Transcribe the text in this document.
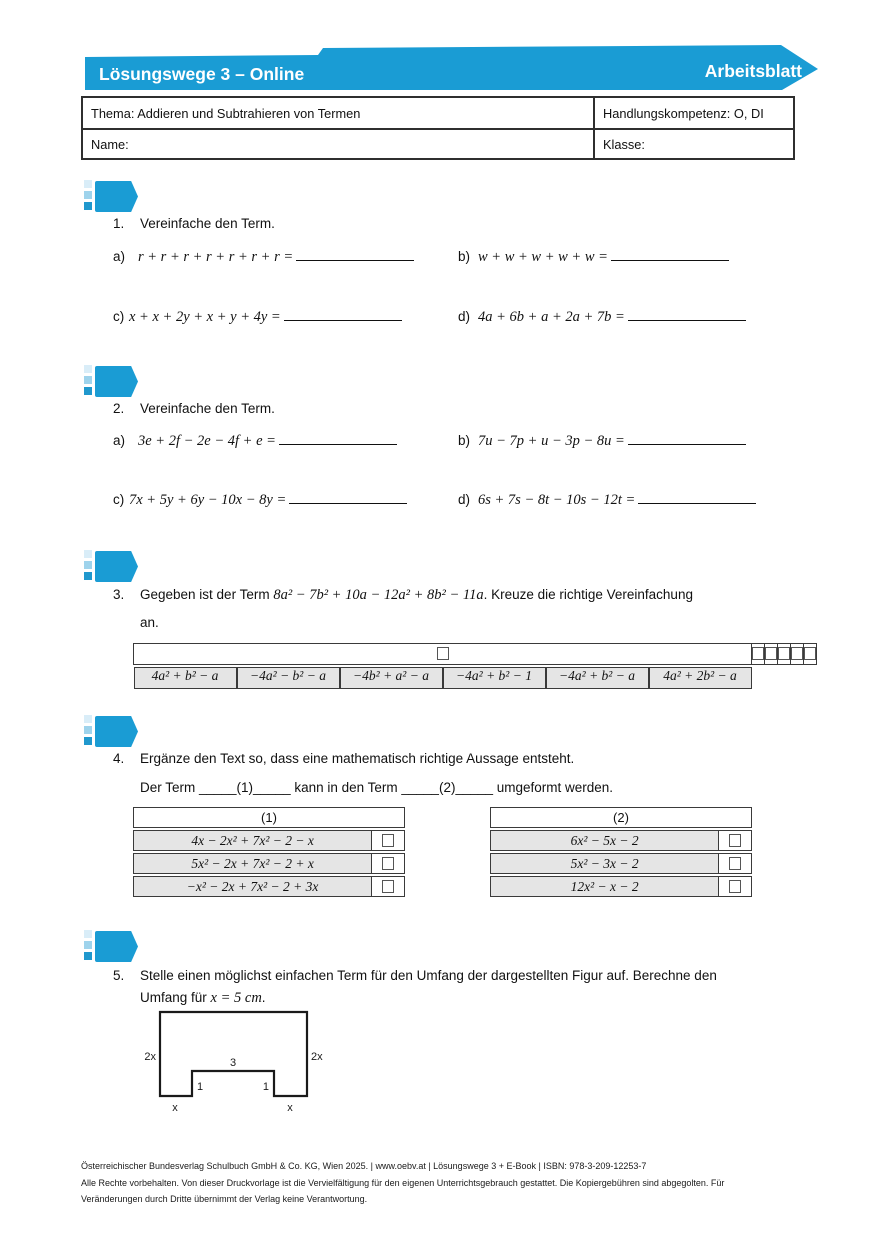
Lösungswege 3 – Online	Arbeitsblatt
Thema: Addieren und Subtrahieren von Termen	Handlungskompetenz: O, DI
Name:	Klasse:
1. Vereinfache den Term.
a) r + r + r + r + r + r + r =	b) w + w + w + w + w =
c) x + x + 2y + x + y + 4y =	d) 4a + 6b + a + 2a + 7b =
2. Vereinfache den Term.
a) 3e + 2f − 2e − 4f + e =	b) 7u − 7p + u − 3p − 8u =
c) 7x + 5y + 6y − 10x − 8y =	d) 6s + 7s − 8t − 10s − 12t =
3. Gegeben ist der Term 8a² − 7b² + 10a − 12a² + 8b² − 11a. Kreuze die richtige Vereinfachung
an.

4a² + b² − a	−4a² − b² − a	−4b² + a² − a	−4a² + b² − 1	−4a² + b² − a	4a² + 2b² − a
4. Ergänze den Text so, dass eine mathematisch richtige Aussage entsteht.
Der Term _____(1)_____ kann in den Term _____(2)_____ umgeformt werden.
(1)
4x − 2x² + 7x² − 2 − x
5x² − 2x + 7x² − 2 + x
−x² − 2x + 7x² − 2 + 3x
(2)
6x² − 5x − 2
5x² − 3x − 2
12x² − x − 2
5. Stelle einen möglichst einfachen Term für den Umfang der dargestellten Figur auf. Berechne den
Umfang für x = 5 cm.
2x	2x
3
1	1
x	x
Österreichischer Bundesverlag Schulbuch GmbH & Co. KG, Wien 2025. | www.oebv.at | Lösungswege 3 + E-Book | ISBN: 978-3-209-12253-7
Alle Rechte vorbehalten. Von dieser Druckvorlage ist die Vervielfältigung für den eigenen Unterrichtsgebrauch gestattet. Die Kopiergebühren sind abgegolten. Für
Veränderungen durch Dritte übernimmt der Verlag keine Verantwortung.
